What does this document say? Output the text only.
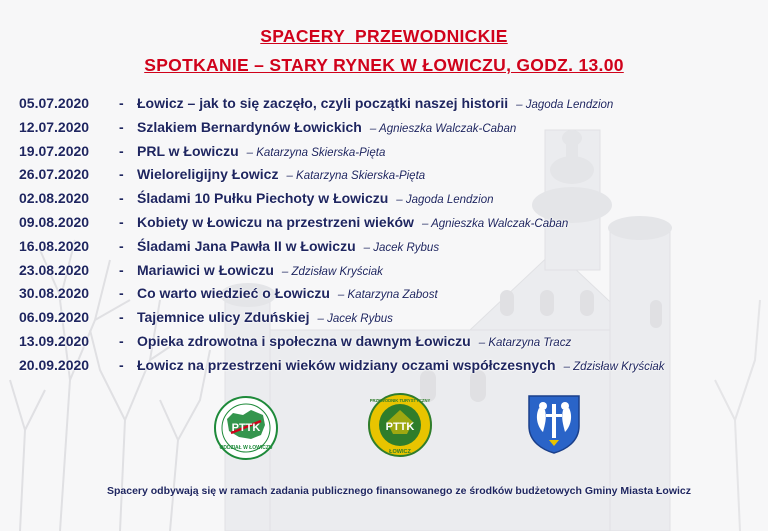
SPACERY  PRZEWODNICKIE
SPOTKANIE – STARY RYNEK W ŁOWICZU, GODZ. 13.00
05.07.2020 - Łowicz – jak to się zaczęło, czyli początki naszej historii – Jagoda Lendzion
12.07.2020 - Szlakiem Bernardynów Łowickich – Agnieszka Walczak-Caban
19.07.2020 - PRL w Łowiczu – Katarzyna Skierska-Pięta
26.07.2020 - Wieloreligijny Łowicz – Katarzyna Skierska-Pięta
02.08.2020 - Śladami 10 Pułku Piechoty w Łowiczu – Jagoda Lendzion
09.08.2020 - Kobiety w Łowiczu na przestrzeni wieków – Agnieszka Walczak-Caban
16.08.2020 - Śladami Jana Pawła II w Łowiczu – Jacek Rybus
23.08.2020 - Mariawici w Łowiczu – Zdzisław Kryściak
30.08.2020 - Co warto wiedzieć o Łowiczu – Katarzyna Zabost
06.09.2020 - Tajemnice ulicy Zduńskiej – Jacek Rybus
13.09.2020 - Opieka zdrowotna i społeczna w dawnym Łowiczu – Katarzyna Tracz
20.09.2020 - Łowicz na przestrzeni wieków widziany oczami współczesnych – Zdzisław Kryściak
PTTK
ODDZIAŁ W ŁOWICZU
PTTK
PRZEWODNIK TURYSTYCZNY
ŁOWICZ
Spacery odbywają się w ramach zadania publicznego finansowanego ze środków budżetowych Gminy Miasta Łowicz
